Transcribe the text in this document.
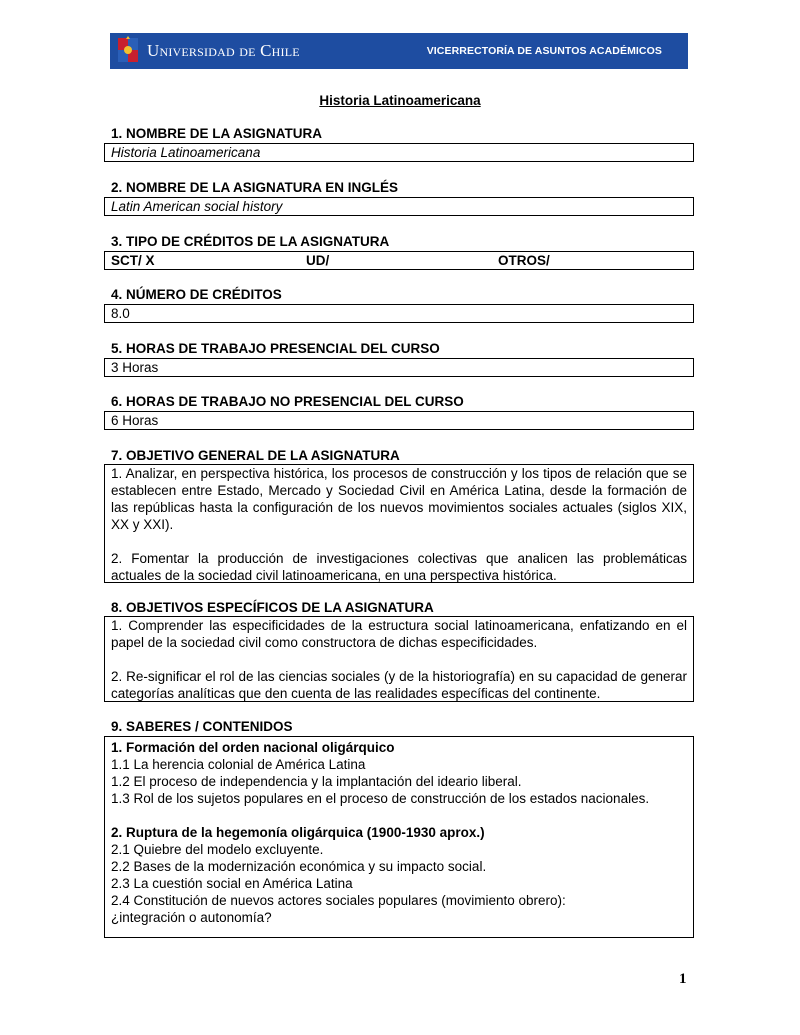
Universidad de Chile	VICERRECTORÍA DE ASUNTOS ACADÉMICOS
Historia Latinoamericana
1. NOMBRE DE LA ASIGNATURA
Historia Latinoamericana
2. NOMBRE DE LA ASIGNATURA EN INGLÉS
Latin American social history
3. TIPO DE CRÉDITOS DE LA ASIGNATURA
SCT/ X	UD/	OTROS/
4. NÚMERO DE CRÉDITOS
8.0
5. HORAS DE TRABAJO PRESENCIAL DEL CURSO
3 Horas
6. HORAS DE TRABAJO NO PRESENCIAL DEL CURSO
6 Horas
7. OBJETIVO GENERAL DE LA ASIGNATURA

1. Analizar, en perspectiva histórica, los procesos de construcción y los tipos de relación que se establecen entre Estado, Mercado y Sociedad Civil en América Latina, desde la formación de las repúblicas hasta la configuración de los nuevos movimientos sociales actuales (siglos XIX, XX y XXI).

2. Fomentar la producción de investigaciones colectivas que analicen las problemáticas actuales de la sociedad civil latinoamericana, en una perspectiva histórica.

8. OBJETIVOS ESPECÍFICOS DE LA ASIGNATURA

1. Comprender las especificidades de la estructura social latinoamericana, enfatizando en el papel de la sociedad civil como constructora de dichas especificidades.

2. Re-significar el rol de las ciencias sociales (y de la historiografía) en su capacidad de generar categorías analíticas que den cuenta de las realidades específicas del continente.

9. SABERES / CONTENIDOS
1. Formación del orden nacional oligárquico
1.1 La herencia colonial de América Latina
1.2 El proceso de independencia y la implantación del ideario liberal.
1.3 Rol de los sujetos populares en el proceso de construcción de los estados nacionales.
2. Ruptura de la hegemonía oligárquica (1900-1930 aprox.)
2.1 Quiebre del modelo excluyente.
2.2 Bases de la modernización económica y su impacto social.
2.3 La cuestión social en América Latina
2.4 Constitución de nuevos actores sociales populares (movimiento obrero):
¿integración o autonomía?
1
